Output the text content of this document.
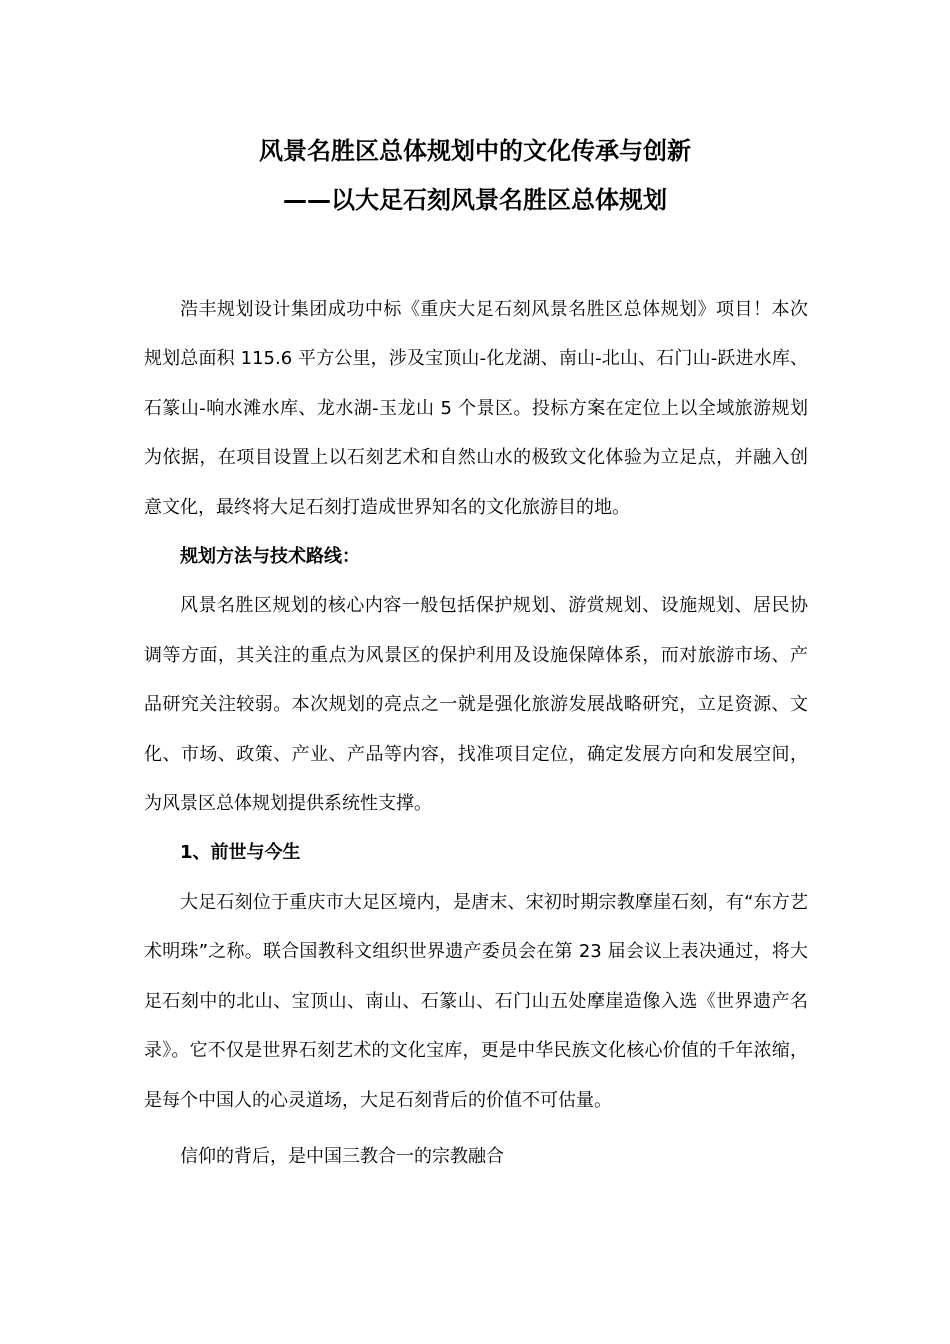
风景名胜区总体规划中的文化传承与创新
——以大足石刻风景名胜区总体规划

浩丰规划设计集团成功中标《重庆大足石刻风景名胜区总体规划》项目！本次规划总面积 115.6 平方公里，涉及宝顶山-化龙湖、南山-北山、石门山-跃进水库、石篆山-响水滩水库、龙水湖-玉龙山 5 个景区。投标方案在定位上以全域旅游规划为依据，在项目设置上以石刻艺术和自然山水的极致文化体验为立足点，并融入创意文化，最终将大足石刻打造成世界知名的文化旅游目的地。

规划方法与技术路线：

风景名胜区规划的核心内容一般包括保护规划、游赏规划、设施规划、居民协调等方面，其关注的重点为风景区的保护利用及设施保障体系，而对旅游市场、产品研究关注较弱。本次规划的亮点之一就是强化旅游发展战略研究，立足资源、文化、市场、政策、产业、产品等内容，找准项目定位，确定发展方向和发展空间，为风景区总体规划提供系统性支撑。

1、前世与今生

大足石刻位于重庆市大足区境内，是唐末、宋初时期宗教摩崖石刻，有“东方艺术明珠”之称。联合国教科文组织世界遗产委员会在第 23 届会议上表决通过，将大足石刻中的北山、宝顶山、南山、石篆山、石门山五处摩崖造像入选《世界遗产名录》。它不仅是世界石刻艺术的文化宝库，更是中华民族文化核心价值的千年浓缩，是每个中国人的心灵道场，大足石刻背后的价值不可估量。

信仰的背后，是中国三教合一的宗教融合
